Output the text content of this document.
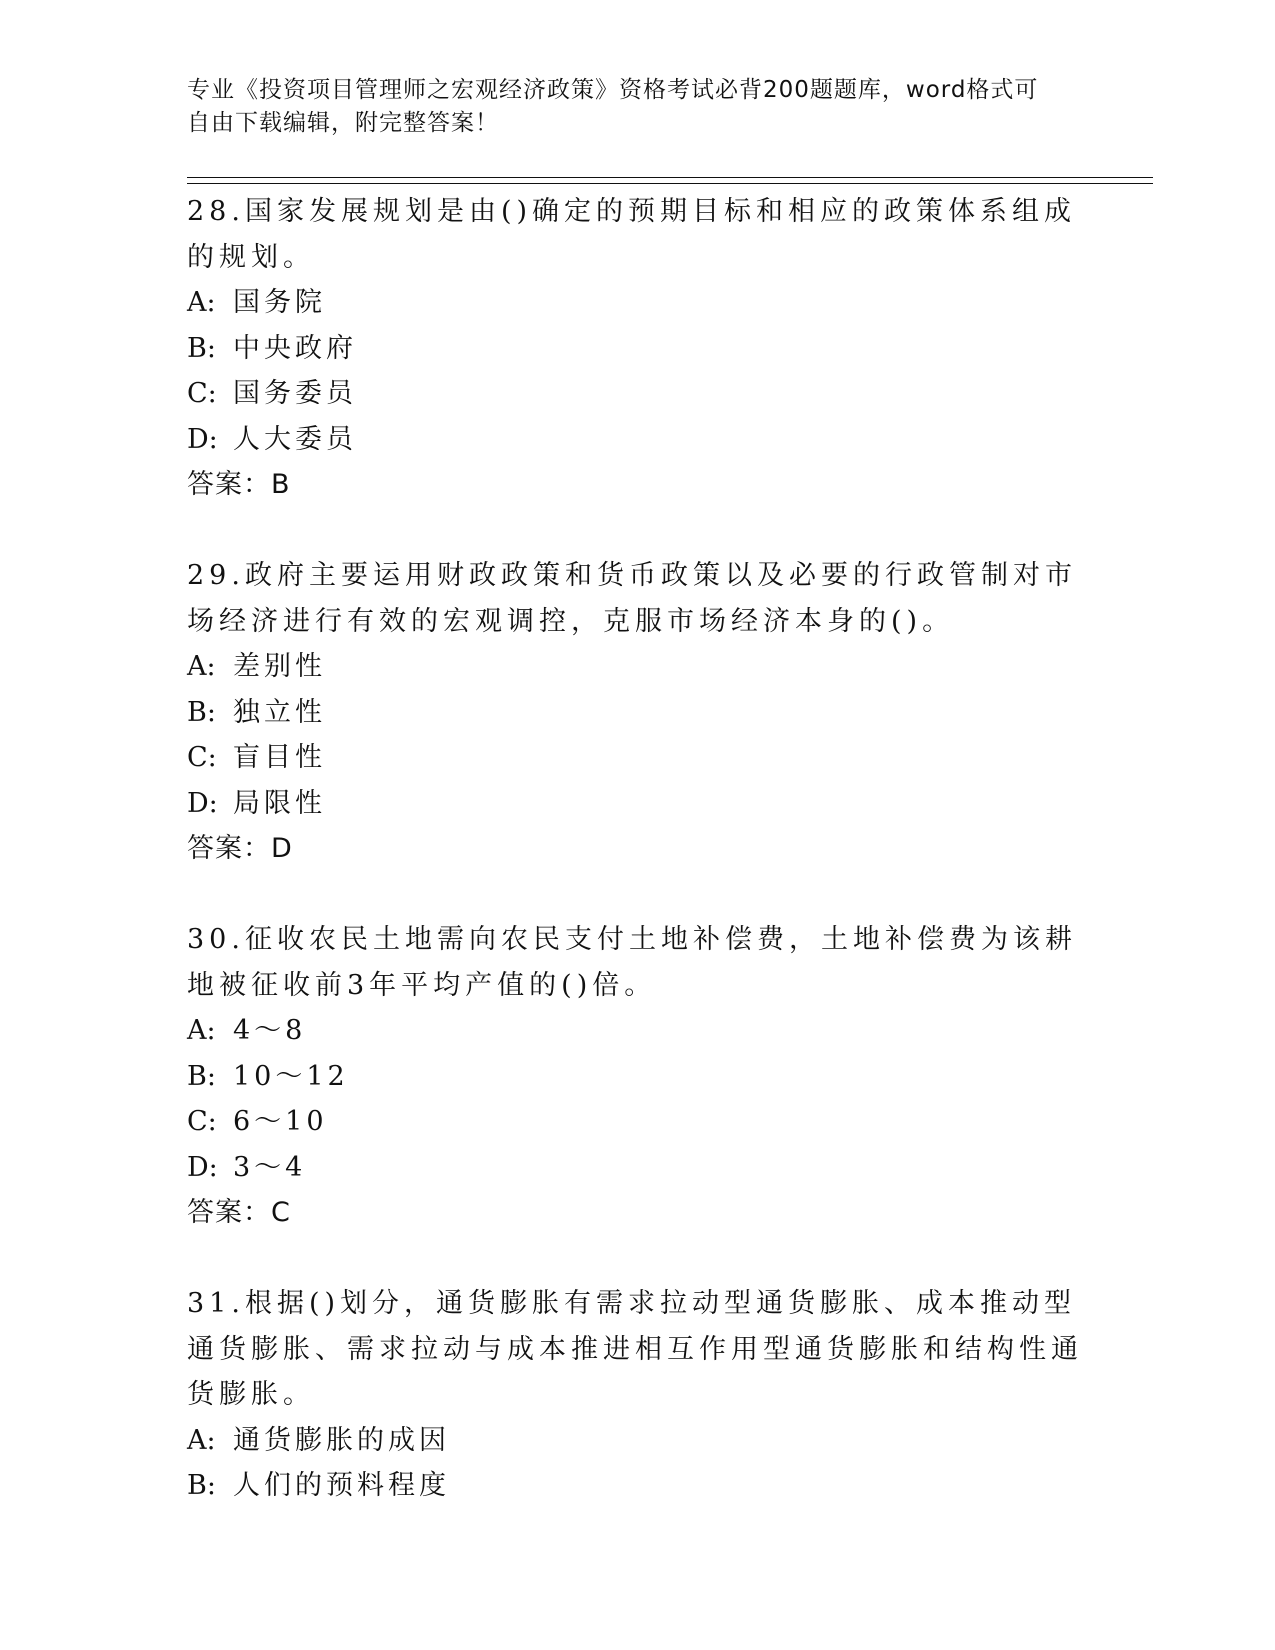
专业《投资项目管理师之宏观经济政策》资格考试必背200题题库，word格式可
自由下载编辑，附完整答案！

28.国家发展规划是由()确定的预期目标和相应的政策体系组成的规划。

A: 国务院

B: 中央政府

C: 国务委员

D: 人大委员

答案：B

29.政府主要运用财政政策和货币政策以及必要的行政管制对市场经济进行有效的宏观调控，克服市场经济本身的()。

A: 差别性

B: 独立性

C: 盲目性

D: 局限性

答案：D

30.征收农民土地需向农民支付土地补偿费，土地补偿费为该耕地被征收前3年平均产值的()倍。

A: 4～8

B: 10～12

C: 6～10

D: 3～4

答案：C

31.根据()划分，通货膨胀有需求拉动型通货膨胀、成本推动型通货膨胀、需求拉动与成本推进相互作用型通货膨胀和结构性通货膨胀。

A: 通货膨胀的成因

B: 人们的预料程度
